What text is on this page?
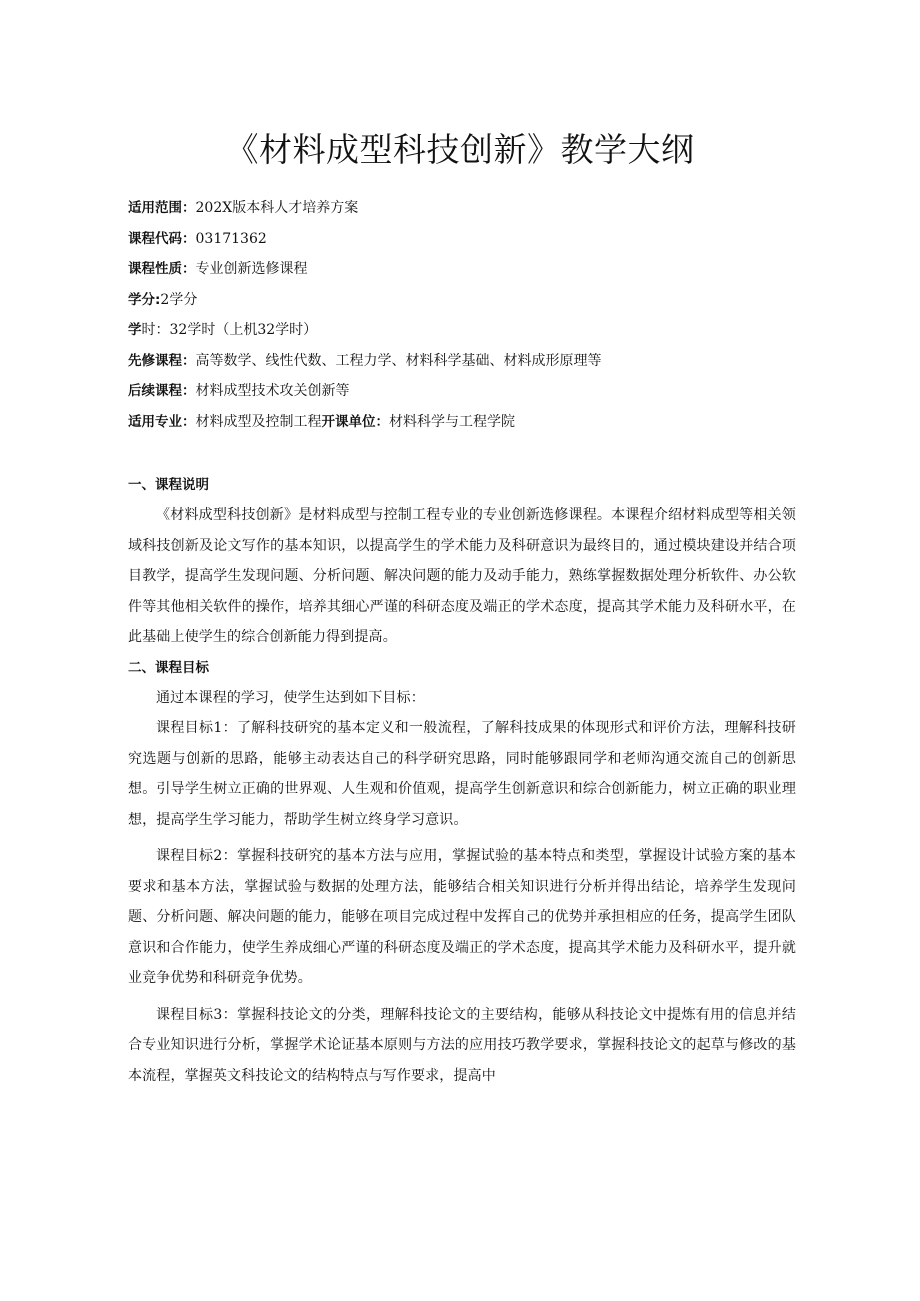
《材料成型科技创新》教学大纲
适用范围：202X版本科人才培养方案
课程代码：03171362
课程性质：专业创新选修课程
学分:2学分
学时：32学时（上机32学时）
先修课程：高等数学、线性代数、工程力学、材料科学基础、材料成形原理等
后续课程：材料成型技术攻关创新等
适用专业：材料成型及控制工程开课单位：材料科学与工程学院

一、课程说明

《材料成型科技创新》是材料成型与控制工程专业的专业创新选修课程。本课程介绍材料成型等相关领域科技创新及论文写作的基本知识，以提高学生的学术能力及科研意识为最终目的，通过模块建设并结合项目教学，提高学生发现问题、分析问题、解决问题的能力及动手能力，熟练掌握数据处理分析软件、办公软件等其他相关软件的操作，培养其细心严谨的科研态度及端正的学术态度，提高其学术能力及科研水平，在此基础上使学生的综合创新能力得到提高。

二、课程目标

通过本课程的学习，使学生达到如下目标：

课程目标1：了解科技研究的基本定义和一般流程，了解科技成果的体现形式和评价方法，理解科技研究选题与创新的思路，能够主动表达自己的科学研究思路，同时能够跟同学和老师沟通交流自己的创新思想。引导学生树立正确的世界观、人生观和价值观，提高学生创新意识和综合创新能力，树立正确的职业理想，提高学生学习能力，帮助学生树立终身学习意识。

课程目标2：掌握科技研究的基本方法与应用，掌握试验的基本特点和类型，掌握设计试验方案的基本要求和基本方法，掌握试验与数据的处理方法，能够结合相关知识进行分析并得出结论，培养学生发现问题、分析问题、解决问题的能力，能够在项目完成过程中发挥自己的优势并承担相应的任务，提高学生团队意识和合作能力，使学生养成细心严谨的科研态度及端正的学术态度，提高其学术能力及科研水平，提升就业竞争优势和科研竞争优势。

课程目标3：掌握科技论文的分类，理解科技论文的主要结构，能够从科技论文中提炼有用的信息并结合专业知识进行分析，掌握学术论证基本原则与方法的应用技巧教学要求，掌握科技论文的起草与修改的基本流程，掌握英文科技论文的结构特点与写作要求，提高中
